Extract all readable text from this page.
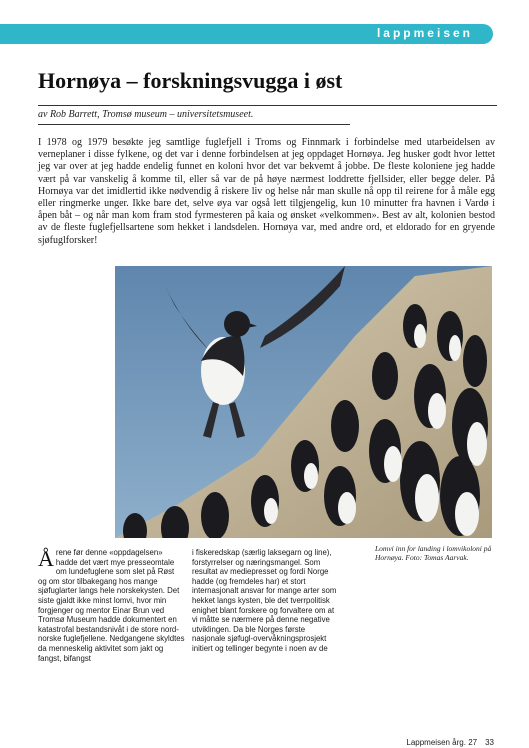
lappmeisen
Hornøya – forskningsvugga i øst
av Rob Barrett, Tromsø museum – universitetsmuseet.

I 1978 og 1979 besøkte jeg samtlige fuglefjell i Troms og Finnmark i forbindelse med utarbeidelsen av verneplaner i disse fylkene, og det var i denne forbindelsen at jeg oppdaget Hornøya. Jeg husker godt hvor lettet jeg var over at jeg hadde endelig funnet en koloni hvor det var bekvemt å jobbe. De fleste koloniene jeg hadde vært på var vanskelig å komme til, eller så var de på høye nærmest loddrette fjellsider, eller begge deler. På Hornøya var det imidlertid ikke nødvendig å riskere liv og helse når man skulle nå opp til reirene for å måle egg eller ringmerke unger. Ikke bare det, selve øya var også lett tilgjengelig, kun 10 minutter fra havnen i Vardø i åpen båt – og når man kom fram stod fyrmesteren på kaia og ønsket «velkommen». Best av alt, kolonien bestod av de fleste fuglefjellsartene som hekket i landsdelen. Hornøya var, med andre ord, et eldorado for en gryende sjøfuglforsker!

Lomvi inn for landing i lomvikoloni på Hornøya. Foto: Tomas Aarvak.

Årene før denne «oppdagelsen» hadde det vært mye presseomtale om lundefuglene som slet på Røst og om stor tilbakegang hos mange sjøfuglarter langs hele norskekysten. Det siste gjaldt ikke minst lomvi, hvor min forgjenger og mentor Einar Brun ved Tromsø Museum hadde dokumentert en katastrofal bestandsnivåt i de store nord-norske fuglefjellene. Nedgangene skyldtes da menneskelig aktivitet som jakt og fangst, bifangst

i fiskeredskap (særlig laksegarn og line), forstyrrelser og næringsmangel. Som resultat av mediepresset og fordi Norge hadde (og fremdeles har) et stort internasjonalt ansvar for mange arter som hekket langs kysten, ble det tverrpolitisk enighet blant forskere og forvaltere om at vi måtte se nærmere på denne negative utviklingen. Da ble Norges første nasjonale sjøfugl-overvåkningsprosjekt initiert og tellinger begynte i noen av de

Lappmeisen årg. 27 33
